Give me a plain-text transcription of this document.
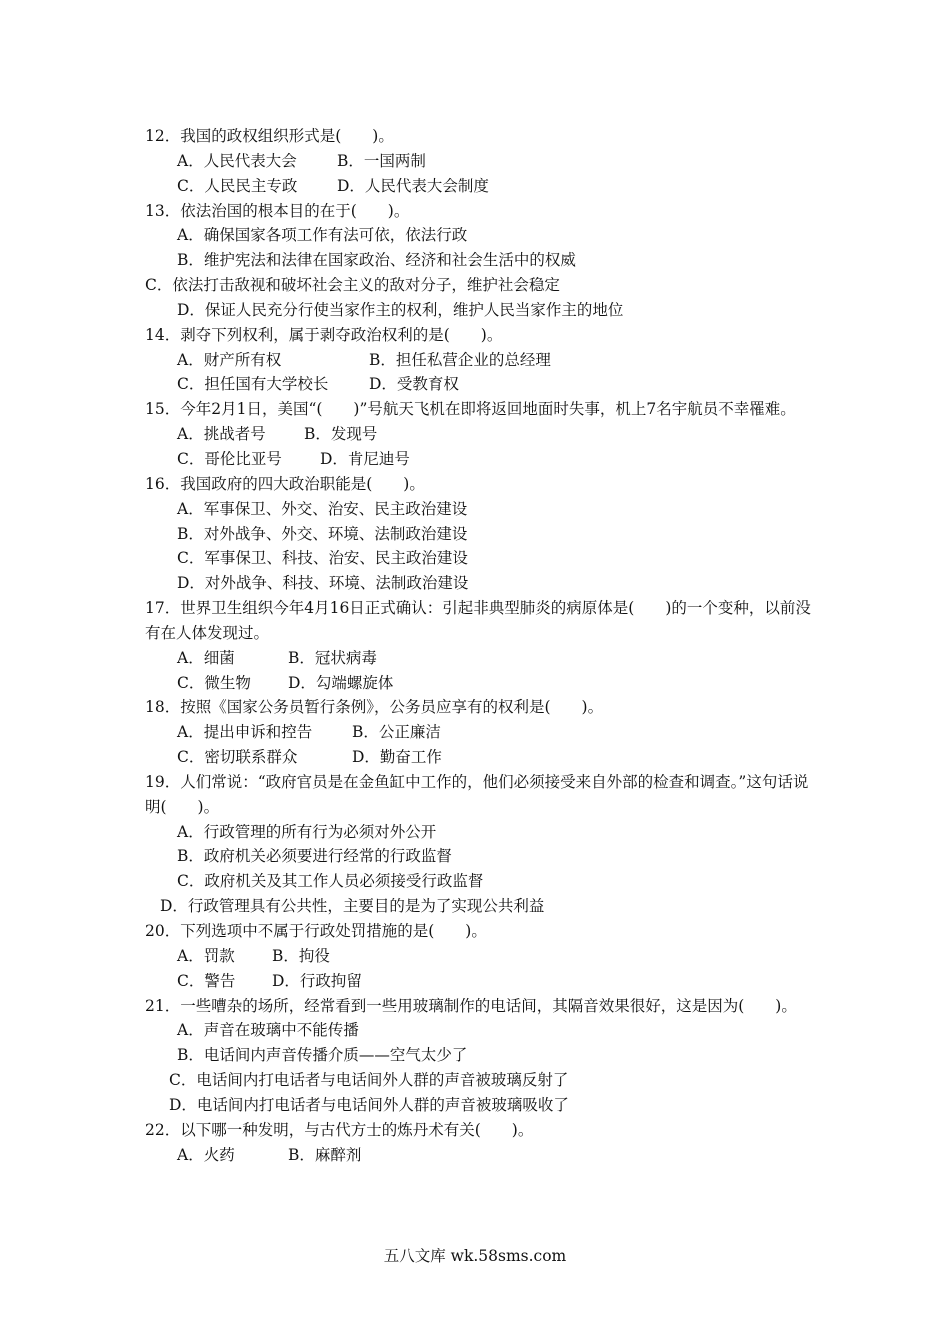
12．我国的政权组织形式是(　　)。
A．人民代表大会	B．一国两制
C．人民民主专政	D．人民代表大会制度
13．依法治国的根本目的在于(　　)。
A．确保国家各项工作有法可依，依法行政
B．维护宪法和法律在国家政治、经济和社会生活中的权威
C．依法打击敌视和破坏社会主义的敌对分子，维护社会稳定
D．保证人民充分行使当家作主的权利，维护人民当家作主的地位
14．剥夺下列权利，属于剥夺政治权利的是(　　)。
A．财产所有权	B．担任私营企业的总经理
C．担任国有大学校长	D．受教育权
15．今年2月1日，美国“(　　)”号航天飞机在即将返回地面时失事，机上7名宇航员不幸罹难。
A．挑战者号	B．发现号
C．哥伦比亚号	D．肯尼迪号
16．我国政府的四大政治职能是(　　)。
A．军事保卫、外交、治安、民主政治建设
B．对外战争、外交、环境、法制政治建设
C．军事保卫、科技、治安、民主政治建设
D．对外战争、科技、环境、法制政治建设
17．世界卫生组织今年4月16日正式确认：引起非典型肺炎的病原体是(　　)的一个变种，以前没有在人体发现过。
A．细菌	B．冠状病毒
C．微生物	D．勾端螺旋体
18．按照《国家公务员暂行条例》，公务员应享有的权利是(　　)。
A．提出申诉和控告	B．公正廉洁
C．密切联系群众	D．勤奋工作
19．人们常说：“政府官员是在金鱼缸中工作的，他们必须接受来自外部的检查和调查。”这句话说明(　　)。
A．行政管理的所有行为必须对外公开
B．政府机关必须要进行经常的行政监督
C．政府机关及其工作人员必须接受行政监督
D．行政管理具有公共性，主要目的是为了实现公共利益
20．下列选项中不属于行政处罚措施的是(　　)。
A．罚款	B．拘役
C．警告	D．行政拘留
21．一些嘈杂的场所，经常看到一些用玻璃制作的电话间，其隔音效果很好，这是因为(　　)。
A．声音在玻璃中不能传播
B．电话间内声音传播介质——空气太少了
C．电话间内打电话者与电话间外人群的声音被玻璃反射了
D．电话间内打电话者与电话间外人群的声音被玻璃吸收了
22．以下哪一种发明，与古代方士的炼丹术有关(　　)。
A．火药	B．麻醉剂
五八文库 wk.58sms.com
